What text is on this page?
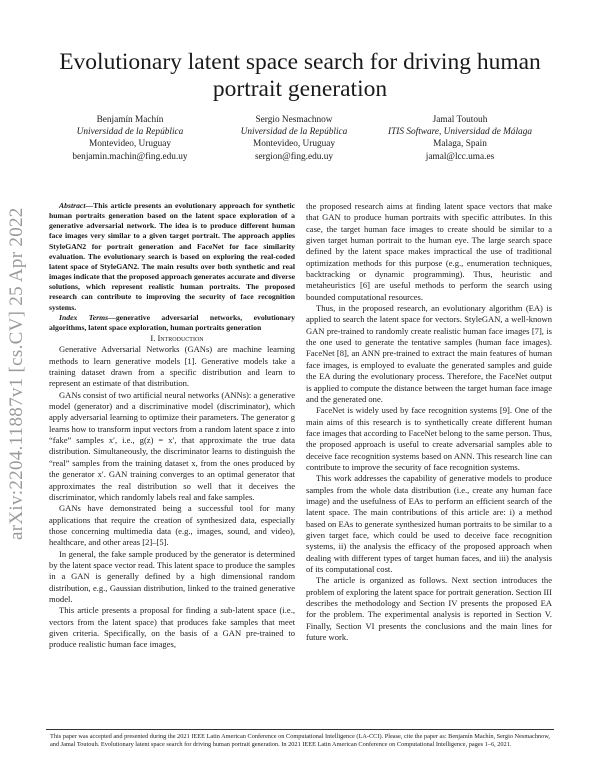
Evolutionary latent space search for driving human portrait generation
Benjamín Machín
Universidad de la República
Montevideo, Uruguay
benjamin.machin@fing.edu.uy
Sergio Nesmachnow
Universidad de la República
Montevideo, Uruguay
sergion@fing.edu.uy
Jamal Toutouh
ITIS Software, Universidad de Málaga
Malaga, Spain
jamal@lcc.uma.es
arXiv:2204.11887v1 [cs.CV] 25 Apr 2022

Abstract—This article presents an evolutionary approach for synthetic human portraits generation based on the latent space exploration of a generative adversarial network. The idea is to produce different human face images very similar to a given target portrait. The approach applies StyleGAN2 for portrait generation and FaceNet for face similarity evaluation. The evolutionary search is based on exploring the real-coded latent space of StyleGAN2. The main results over both synthetic and real images indicate that the proposed approach generates accurate and diverse solutions, which represent realistic human portraits. The proposed research can contribute to improving the security of face recognition systems.

Index Terms—generative adversarial networks, evolutionary algorithms, latent space exploration, human portraits generation

I. Introduction

Generative Adversarial Networks (GANs) are machine learning methods to learn generative models [1]. Generative models take a training dataset drawn from a specific distribution and learn to represent an estimate of that distribution.

GANs consist of two artificial neural networks (ANNs): a generative model (generator) and a discriminative model (discriminator), which apply adversarial learning to optimize their parameters. The generator g learns how to transform input vectors from a random latent space z into “fake” samples x′, i.e., g(z) = x′, that approximate the true data distribution. Simultaneously, the discriminator learns to distinguish the “real” samples from the training dataset x, from the ones produced by the generator x′. GAN training converges to an optimal generator that approximates the real distribution so well that it deceives the discriminator, which randomly labels real and fake samples.

GANs have demonstrated being a successful tool for many applications that require the creation of synthesized data, especially those concerning multimedia data (e.g., images, sound, and video), healthcare, and other areas [2]–[5].

In general, the fake sample produced by the generator is determined by the latent space vector read. This latent space to produce the samples in a GAN is generally defined by a high dimensional random distribution, e.g., Gaussian distribution, linked to the trained generative model.

This article presents a proposal for finding a sub-latent space (i.e., vectors from the latent space) that produces fake samples that meet given criteria. Specifically, on the basis of a GAN pre-trained to produce realistic human face images,

the proposed research aims at finding latent space vectors that make that GAN to produce human portraits with specific attributes. In this case, the target human face images to create should be similar to a given target human portrait to the human eye. The large search space defined by the latent space makes impractical the use of traditional optimization methods for this purpose (e.g., enumeration techniques, backtracking or dynamic programming). Thus, heuristic and metaheuristics [6] are useful methods to perform the search using bounded computational resources.

Thus, in the proposed research, an evolutionary algorithm (EA) is applied to search the latent space for vectors. StyleGAN, a well-known GAN pre-trained to randomly create realistic human face images [7], is the one used to generate the tentative samples (human face images). FaceNet [8], an ANN pre-trained to extract the main features of human face images, is employed to evaluate the generated samples and guide the EA during the evolutionary process. Therefore, the FaceNet output is applied to compute the distance between the target human face image and the generated one.

FaceNet is widely used by face recognition systems [9]. One of the main aims of this research is to synthetically create different human face images that according to FaceNet belong to the same person. Thus, the proposed approach is useful to create adversarial samples able to deceive face recognition systems based on ANN. This research line can contribute to improve the security of face recognition systems.

This work addresses the capability of generative models to produce samples from the whole data distribution (i.e., create any human face image) and the usefulness of EAs to perform an efficient search of the latent space. The main contributions of this article are: i) a method based on EAs to generate synthesized human portraits to be similar to a given target face, which could be used to deceive face recognition systems, ii) the analysis the efficacy of the proposed approach when dealing with different types of target human faces, and iii) the analysis of its computational cost.

The article is organized as follows. Next section introduces the problem of exploring the latent space for portrait generation. Section III describes the methodology and Section IV presents the proposed EA for the problem. The experimental analysis is reported in Section V. Finally, Section VI presents the conclusions and the main lines for future work.

This paper was accepted and presented during the 2021 IEEE Latin American Conference on Computational Intelligence (LA-CCI). Please, cite the paper as: Benjamín Machín, Sergio Nesmachnow, and Jamal Toutouh. Evolutionary latent space search for driving human portrait generation. In 2021 IEEE Latin American Conference on Computational Intelligence, pages 1–6, 2021.
